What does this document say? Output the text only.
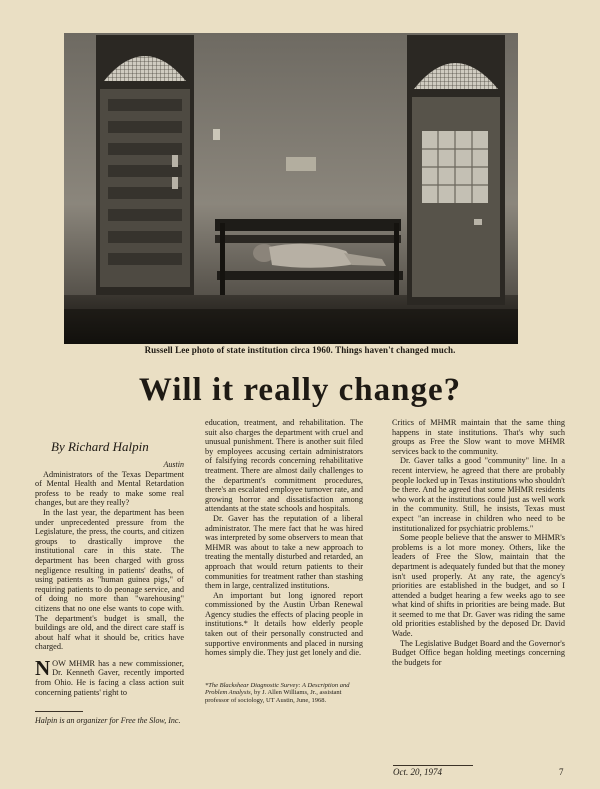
Russell Lee photo of state institution circa 1960. Things haven't changed much.
Will it really change?
By Richard Halpin
Austin

Administrators of the Texas Department of Mental Health and Mental Retardation profess to be ready to make some real changes, but are they really?

In the last year, the department has been under unprecedented pressure from the Legislature, the press, the courts, and citizen groups to drastically improve the institutional care in this state. The department has been charged with gross negligence resulting in patients' deaths, of using patients as "human guinea pigs," of requiring patients to do peonage service, and of doing no more than "warehousing" citizens that no one else wants to cope with. The department's budget is small, the buildings are old, and the direct care staff is about half what it should be, critics have charged.

NOW MHMR has a new commissioner, Dr. Kenneth Gaver, recently imported from Ohio. He is facing a class action suit concerning patients' right to

Halpin is an organizer for Free the Slow, Inc.

education, treatment, and rehabilitation. The suit also charges the department with cruel and unusual punishment. There is another suit filed by employees accusing certain administrators of falsifying records concerning rehabilitative treatment. There are almost daily challenges to the department's commitment procedures, there's an escalated employee turnover rate, and growing horror and dissatisfaction among attendants at the state schools and hospitals.

Dr. Gaver has the reputation of a liberal administrator. The mere fact that he was hired was interpreted by some observers to mean that MHMR was about to take a new approach to treating the mentally disturbed and retarded, an approach that would return patients to their communities for treatment rather than stashing them in large, centralized institutions.

An important but long ignored report commissioned by the Austin Urban Renewal Agency studies the effects of placing people in institutions.* It details how elderly people taken out of their personally constructed and supportive environments and placed in nursing homes simply die. They just get lonely and die.

*The Blackshear Diagnostic Survey: A Description and Problem Analysis, by J. Allen Williams, Jr., assistant professor of sociology, UT Austin, June, 1968.

Critics of MHMR maintain that the same thing happens in state institutions. That's why such groups as Free the Slow want to move MHMR services back to the community.

Dr. Gaver talks a good "community" line. In a recent interview, he agreed that there are probably people locked up in Texas institutions who shouldn't be there. And he agreed that some MHMR residents who work at the institutions could just as well work in the community. Still, he insists, Texas must expect "an increase in children who need to be institutionalized for psychiatric problems."

Some people believe that the answer to MHMR's problems is a lot more money. Others, like the leaders of Free the Slow, maintain that the department is adequately funded but that the money isn't used properly. At any rate, the agency's priorities are established in the budget, and so I attended a budget hearing a few weeks ago to see what kind of shifts in priorities are being made. But it seemed to me that Dr. Gaver was riding the same old priorities established by the deposed Dr. David Wade.

The Legislative Budget Board and the Governor's Budget Office began holding meetings concerning the budgets for

Oct. 20, 1974	7
